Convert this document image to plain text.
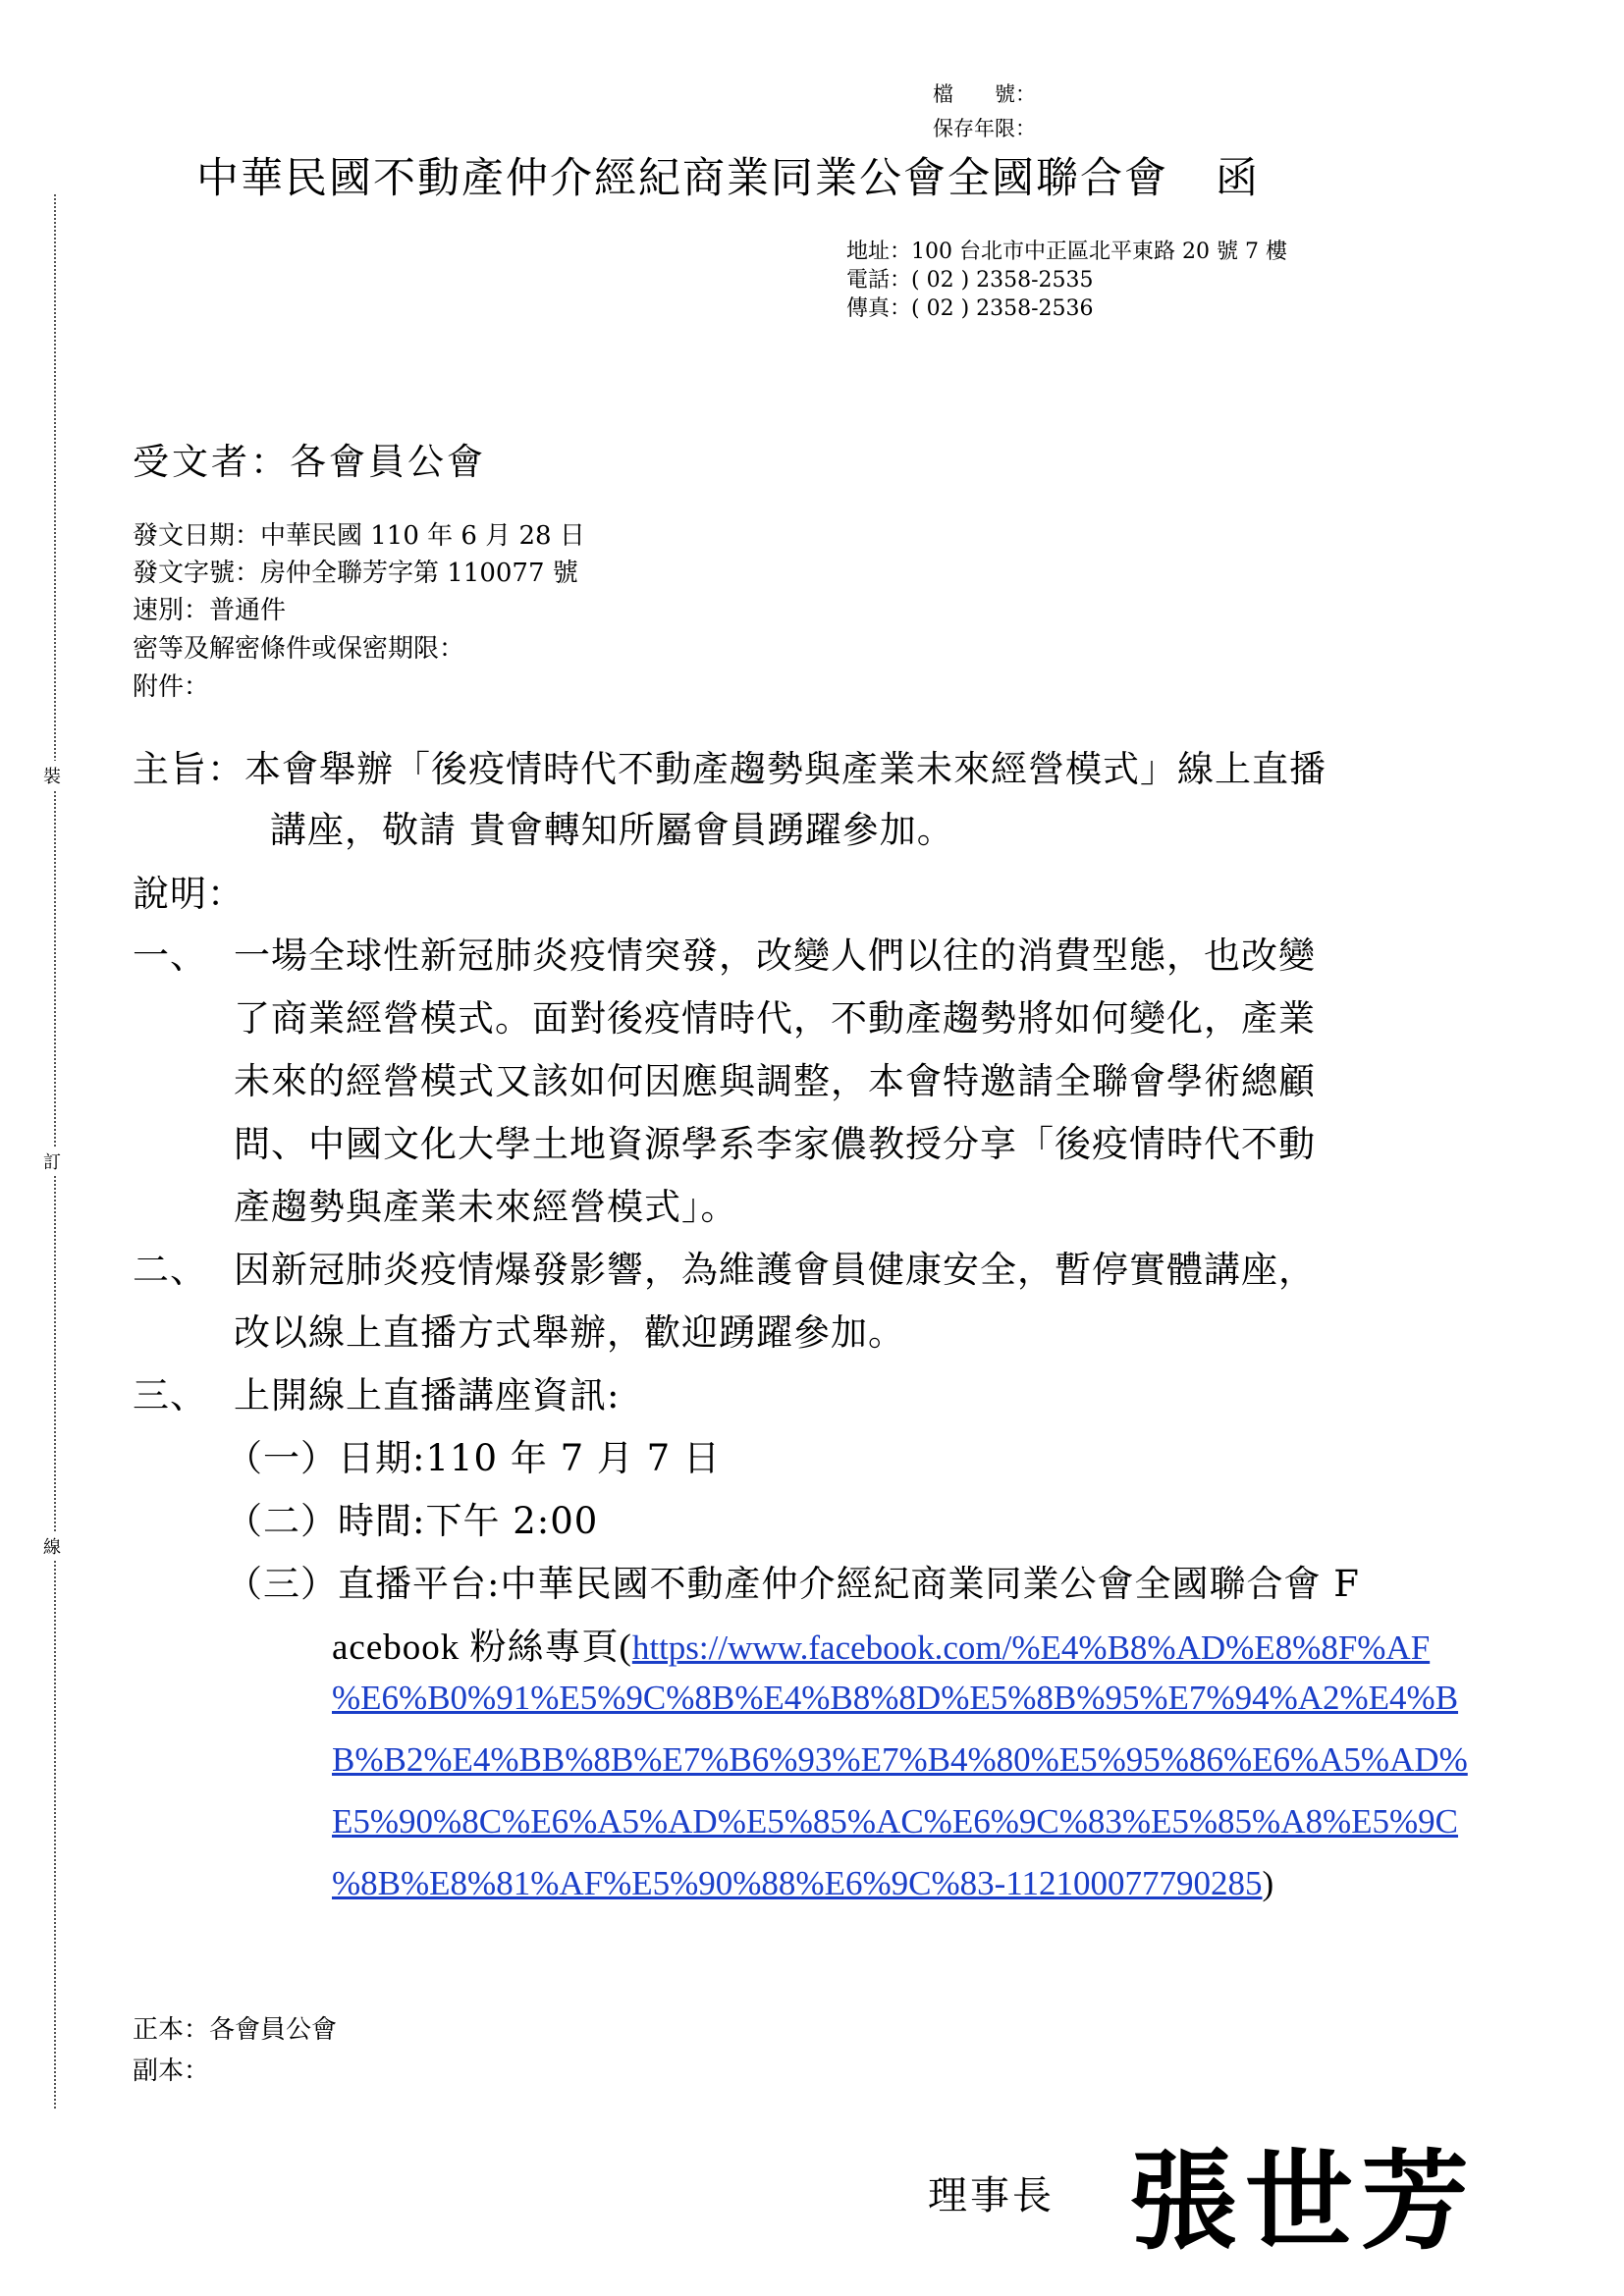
裝
訂
線
檔　　號：
保存年限：
中華民國不動產仲介經紀商業同業公會全國聯合會 函
地址：100 台北市中正區北平東路 20 號 7 樓
電話：( 02 ) 2358-2535
傳真：( 02 ) 2358-2536
受文者：各會員公會
發文日期：中華民國 110 年 6 月 28 日
發文字號：房仲全聯芳字第 110077 號
速別：普通件
密等及解密條件或保密期限：
附件：
主旨：本會舉辦「後疫情時代不動產趨勢與產業未來經營模式」線上直播
講座，敬請 貴會轉知所屬會員踴躍參加。
說明：
一、 一場全球性新冠肺炎疫情突發，改變人們以往的消費型態，也改變
了商業經營模式。面對後疫情時代，不動產趨勢將如何變化，產業
未來的經營模式又該如何因應與調整，本會特邀請全聯會學術總顧
問、中國文化大學土地資源學系李家儂教授分享「後疫情時代不動
產趨勢與產業未來經營模式」。
二、 因新冠肺炎疫情爆發影響，為維護會員健康安全，暫停實體講座，
改以線上直播方式舉辦，歡迎踴躍參加。
三、 上開線上直播講座資訊:
（一）日期:110 年 7 月 7 日
（二）時間:下午 2:00
（三）直播平台:中華民國不動產仲介經紀商業同業公會全國聯合會 F
acebook 粉絲專頁(https://www.facebook.com/%E4%B8%AD%E8%8F%AF
%E6%B0%91%E5%9C%8B%E4%B8%8D%E5%8B%95%E7%94%A2%E4%B
B%B2%E4%BB%8B%E7%B6%93%E7%B4%80%E5%95%86%E6%A5%AD%
E5%90%8C%E6%A5%AD%E5%85%AC%E6%9C%83%E5%85%A8%E5%9C
%8B%E8%81%AF%E5%90%88%E6%9C%83-112100077790285)
正本：各會員公會
副本：
理事長 張世芳
